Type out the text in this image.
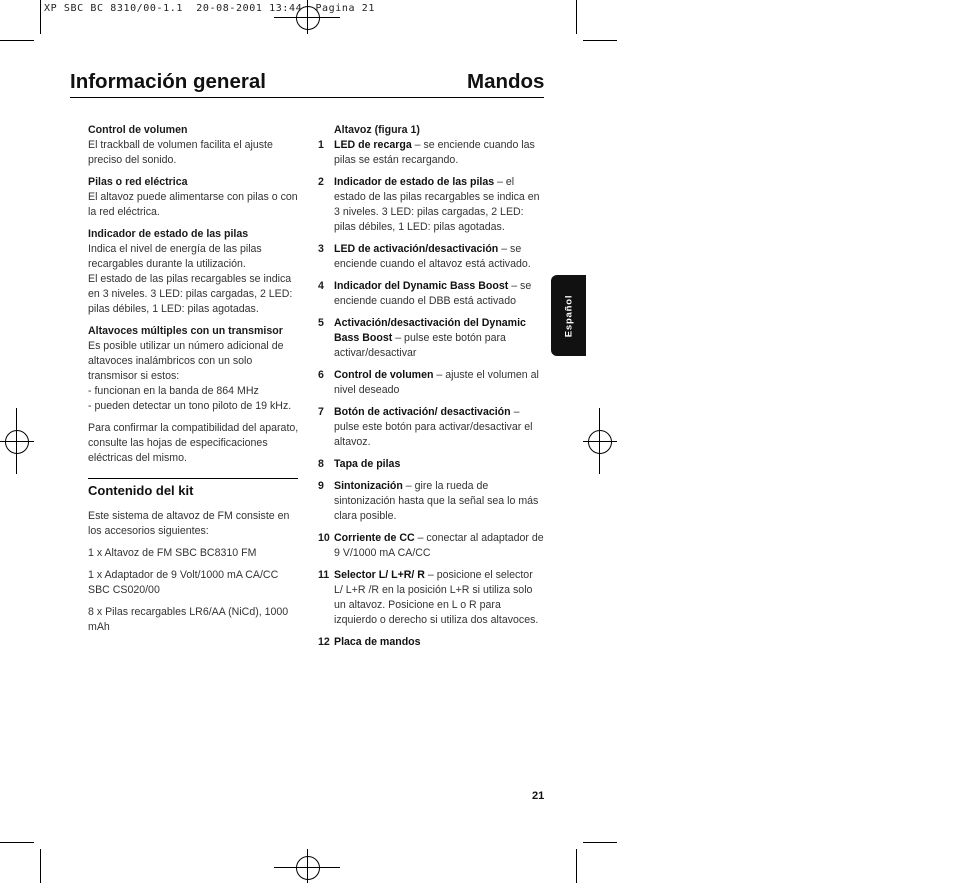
XP SBC BC 8310/00-1.1  20-08-2001 13:44  Pagina 21
Información general	Mandos
Control de volumen
El trackball de volumen facilita el ajuste preciso del sonido.
Pilas o red eléctrica
El altavoz puede alimentarse con pilas o con la red eléctrica.
Indicador de estado de las pilas
Indica el nivel de energía de las pilas recargables durante la utilización.
El estado de las pilas recargables se indica en 3 niveles. 3 LED: pilas cargadas, 2 LED: pilas débiles, 1 LED: pilas agotadas.
Altavoces múltiples con un transmisor
Es posible utilizar un número adicional de altavoces inalámbricos con un solo transmisor si estos:
- funcionan en la banda de 864 MHz
- pueden detectar un tono piloto de 19 kHz.

Para confirmar la compatibilidad del aparato, consulte las hojas de especificaciones eléctricas del mismo.

Contenido del kit

Este sistema de altavoz de FM consiste en los accesorios siguientes:

1 x Altavoz de FM SBC BC8310 FM

1 x Adaptador de 9 Volt/1000 mA CA/CC SBC CS020/00

8 x Pilas recargables LR6/AA (NiCd), 1000 mAh

Altavoz (figura 1)
1 LED de recarga – se enciende cuando las pilas se están recargando.
2 Indicador de estado de las pilas – el estado de las pilas recargables se indica en 3 niveles. 3 LED: pilas cargadas, 2 LED: pilas débiles, 1 LED: pilas agotadas.
3 LED de activación/desactivación – se enciende cuando el altavoz está activado.
4 Indicador del Dynamic Bass Boost – se enciende cuando el DBB está activado
5 Activación/desactivación del Dynamic Bass Boost – pulse este botón para activar/desactivar
6 Control de volumen – ajuste el volumen al nivel deseado
7 Botón de activación/ desactivación – pulse este botón para activar/desactivar el altavoz.
8 Tapa de pilas
9 Sintonización – gire la rueda de sintonización hasta que la señal sea lo más clara posible.
10 Corriente de CC – conectar al adaptador de 9 V/1000 mA CA/CC
11 Selector L/ L+R/ R – posicione el selector L/ L+R /R en la posición L+R si utiliza solo un altavoz. Posicione en L o R para izquierdo o derecho si utiliza dos altavoces.
12 Placa de mandos
Español
21
